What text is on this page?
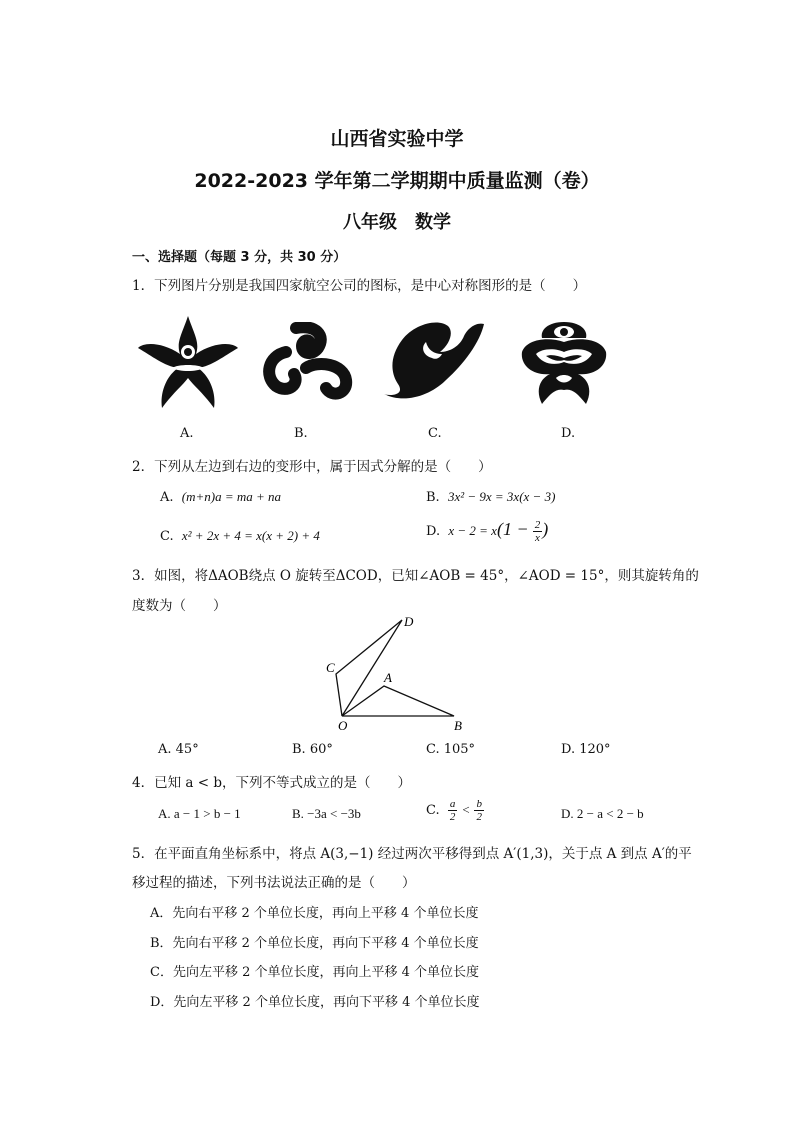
山西省实验中学
2022-2023 学年第二学期期中质量监测（卷）
八年级　数学
一、选择题（每题 3 分，共 30 分）
1．下列图片分别是我国四家航空公司的图标，是中心对称图形的是（　　）
A.	B.	C.	D.
2．下列从左边到右边的变形中，属于因式分解的是（　　）
A. (m+n)a = ma + na	B. 3x² − 9x = 3x(x − 3)
C. x² + 2x + 4 = x(x + 2) + 4	D. $x - 2 = x(1 - \frac{2}{x}$ )
3．如图，将ΔAOB绕点 O 旋转至ΔCOD，已知∠AOB = 45°，∠AOD = 15°，则其旋转角的
度数为（　　）
D
C
A
O	B
A. 45°	B. 60°	C. 105°	D. 120°
4．已知 a < b，下列不等式成立的是（　　）
A. a − 1 > b − 1	B. −3a < −3b	C. $\frac{a}{2} < \frac{b}{2}$	D. 2 − a < 2 − b
5．在平面直角坐标系中，将点 A(3,−1) 经过两次平移得到点 A′(1,3)，关于点 A 到点 A′的平
移过程的描述，下列书法说法正确的是（　　）
A．先向右平移 2 个单位长度，再向上平移 4 个单位长度
B．先向右平移 2 个单位长度，再向下平移 4 个单位长度
C．先向左平移 2 个单位长度，再向上平移 4 个单位长度
D．先向左平移 2 个单位长度，再向下平移 4 个单位长度
